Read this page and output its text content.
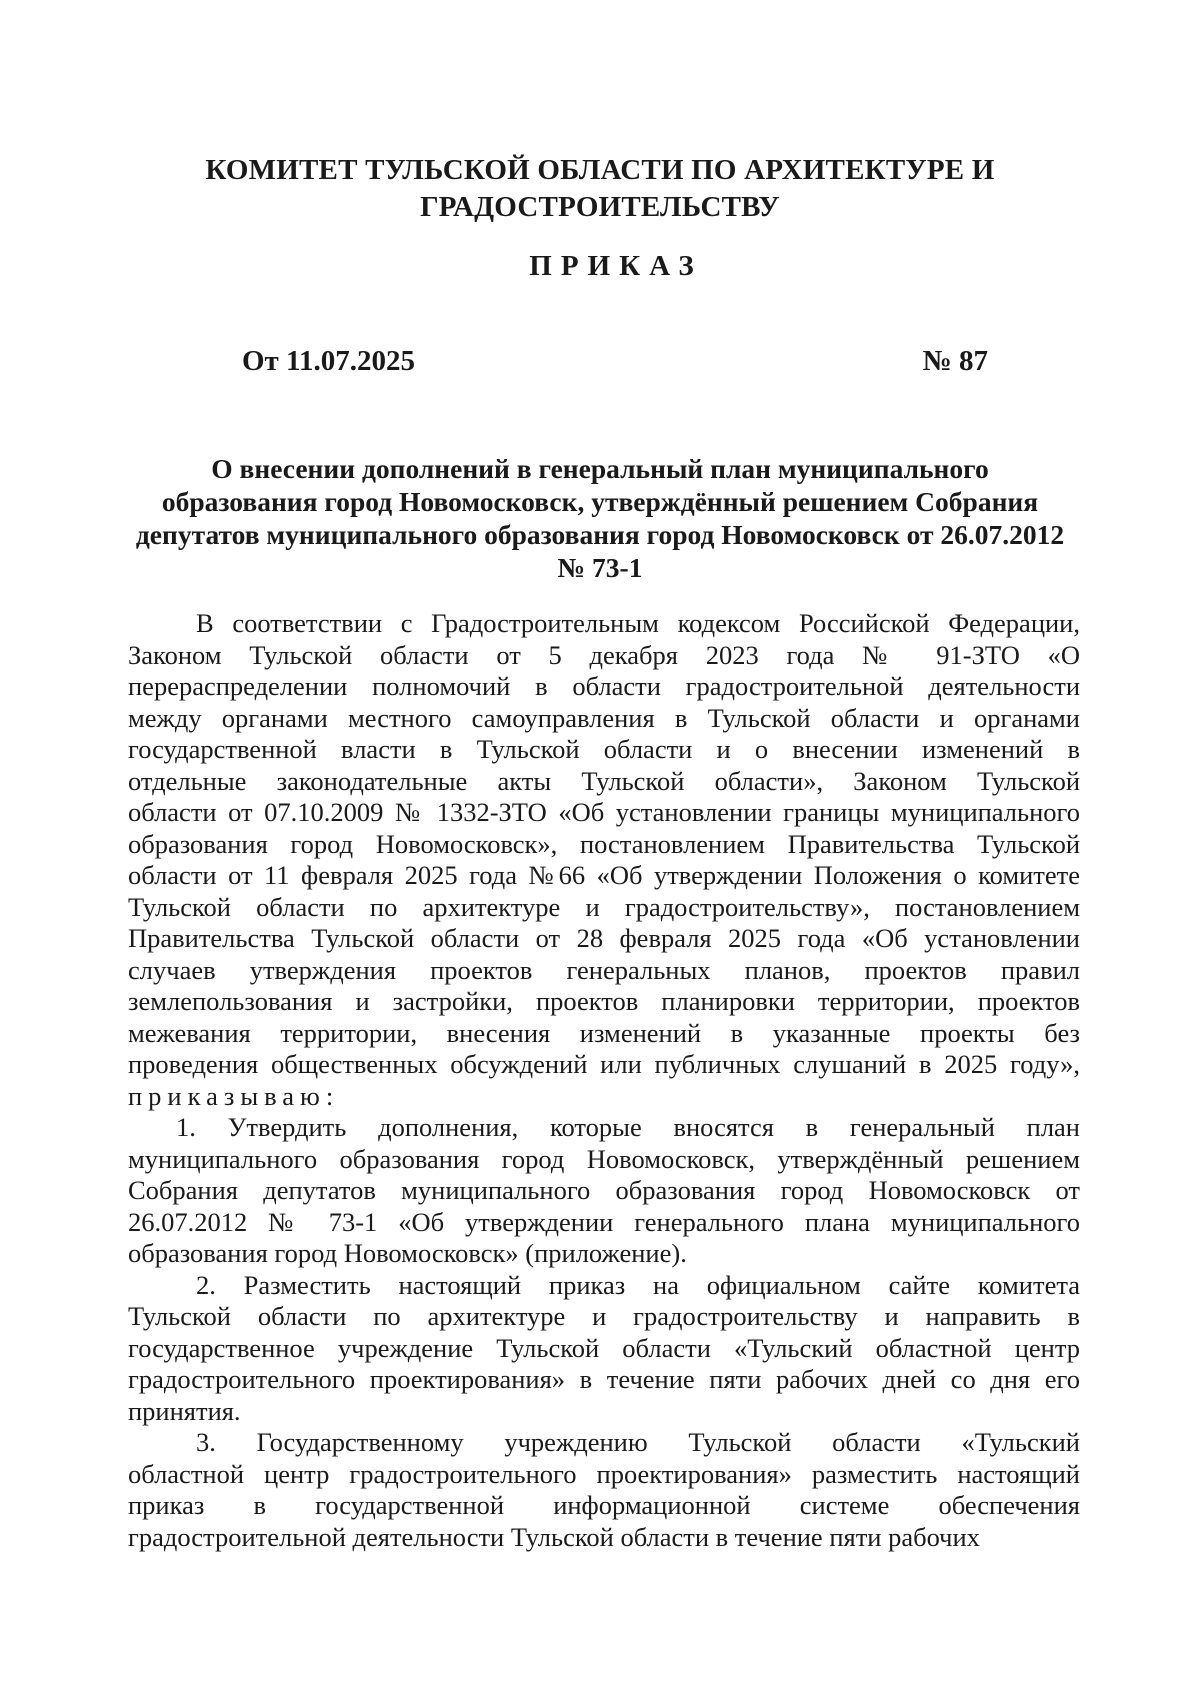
КОМИТЕТ ТУЛЬСКОЙ ОБЛАСТИ ПО АРХИТЕКТУРЕ И
ГРАДОСТРОИТЕЛЬСТВУ
ПРИКАЗ
От 11.07.2025	№ 87
О внесении дополнений в генеральный план муниципального
образования город Новомосковск, утверждённый решением Собрания
депутатов муниципального образования город Новомосковск от 26.07.2012
№ 73-1
В соответствии с Градостроительным кодексом Российской Федерации,
Законом Тульской области от 5 декабря 2023 года № 91-ЗТО «О
перераспределении полномочий в области градостроительной деятельности
между органами местного самоуправления в Тульской области и органами
государственной власти в Тульской области и о внесении изменений в
отдельные законодательные акты Тульской области», Законом Тульской
области от 07.10.2009 № 1332-ЗТО «Об установлении границы муниципального
образования город Новомосковск», постановлением Правительства Тульской
области от 11 февраля 2025 года №66 «Об утверждении Положения о комитете
Тульской области по архитектуре и градостроительству», постановлением
Правительства Тульской области от 28 февраля 2025 года «Об установлении
случаев утверждения проектов генеральных планов, проектов правил
землепользования и застройки, проектов планировки территории, проектов
межевания территории, внесения изменений в указанные проекты без
проведения общественных обсуждений или публичных слушаний в 2025 году»,
приказываю:
1. Утвердить дополнения, которые вносятся в генеральный план
муниципального образования город Новомосковск, утверждённый решением
Собрания депутатов муниципального образования город Новомосковск от
26.07.2012 № 73-1 «Об утверждении генерального плана муниципального
образования город Новомосковск» (приложение).
2. Разместить настоящий приказ на официальном сайте комитета
Тульской области по архитектуре и градостроительству и направить в
государственное учреждение Тульской области «Тульский областной центр
градостроительного проектирования» в течение пяти рабочих дней со дня его
принятия.
3. Государственному учреждению Тульской области «Тульский
областной центр градостроительного проектирования» разместить настоящий
приказ в государственной информационной системе обеспечения
градостроительной деятельности Тульской области в течение пяти рабочих
